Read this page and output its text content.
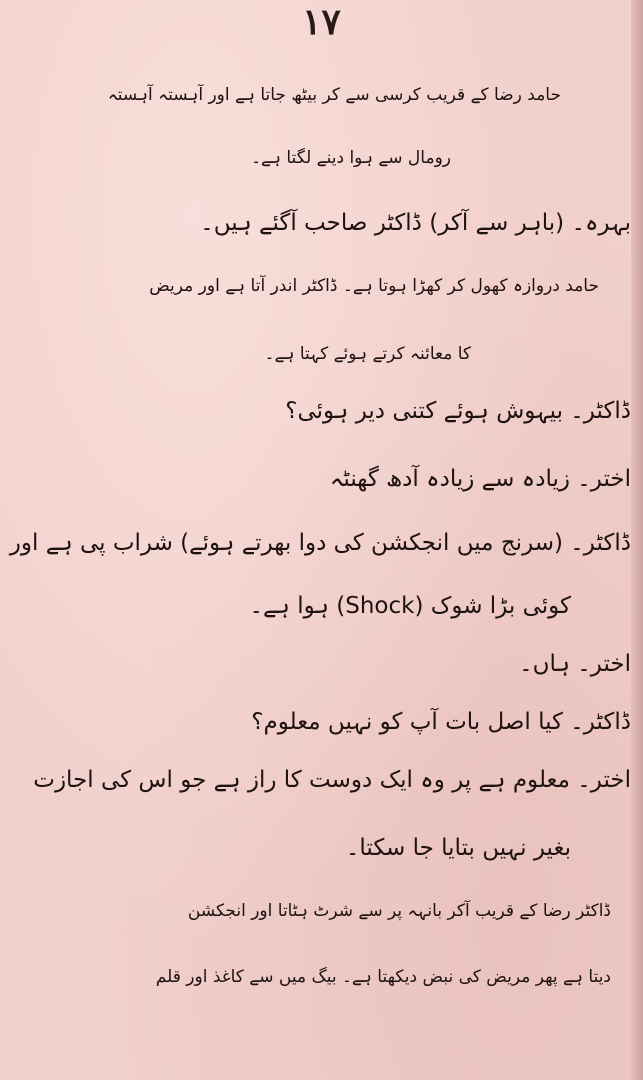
۱۷
حامد رضا کے قریب کرسی سے کر بیٹھ جاتا ہے اور آہستہ آہستہ
رومال سے ہوا دینے لگتا ہے۔
بہرہ۔ (باہر سے آکر) ڈاکٹر صاحب آگئے ہیں۔
حامد دروازہ کھول کر کھڑا ہوتا ہے۔ ڈاکٹر اندر آتا ہے اور مریض
کا معائنہ کرتے ہوئے کہتا ہے۔
ڈاکٹر۔ بیہوش ہوئے کتنی دیر ہوئی؟
اختر۔ زیادہ سے زیادہ آدھ گھنٹہ
ڈاکٹر۔ (سرنج میں انجکشن کی دوا بھرتے ہوئے) شراب پی ہے اور
کوئی بڑا شوک (Shock) ہوا ہے۔
اختر۔ ہاں۔
ڈاکٹر۔ کیا اصل بات آپ کو نہیں معلوم؟
اختر۔ معلوم ہے پر وہ ایک دوست کا راز ہے جو اس کی اجازت
بغیر نہیں بتایا جا سکتا۔
ڈاکٹر رضا کے قریب آکر بانہہ پر سے شرٹ ہٹاتا اور انجکشن
دیتا ہے پھر مریض کی نبض دیکھتا ہے۔ بیگ میں سے کاغذ اور قلم
